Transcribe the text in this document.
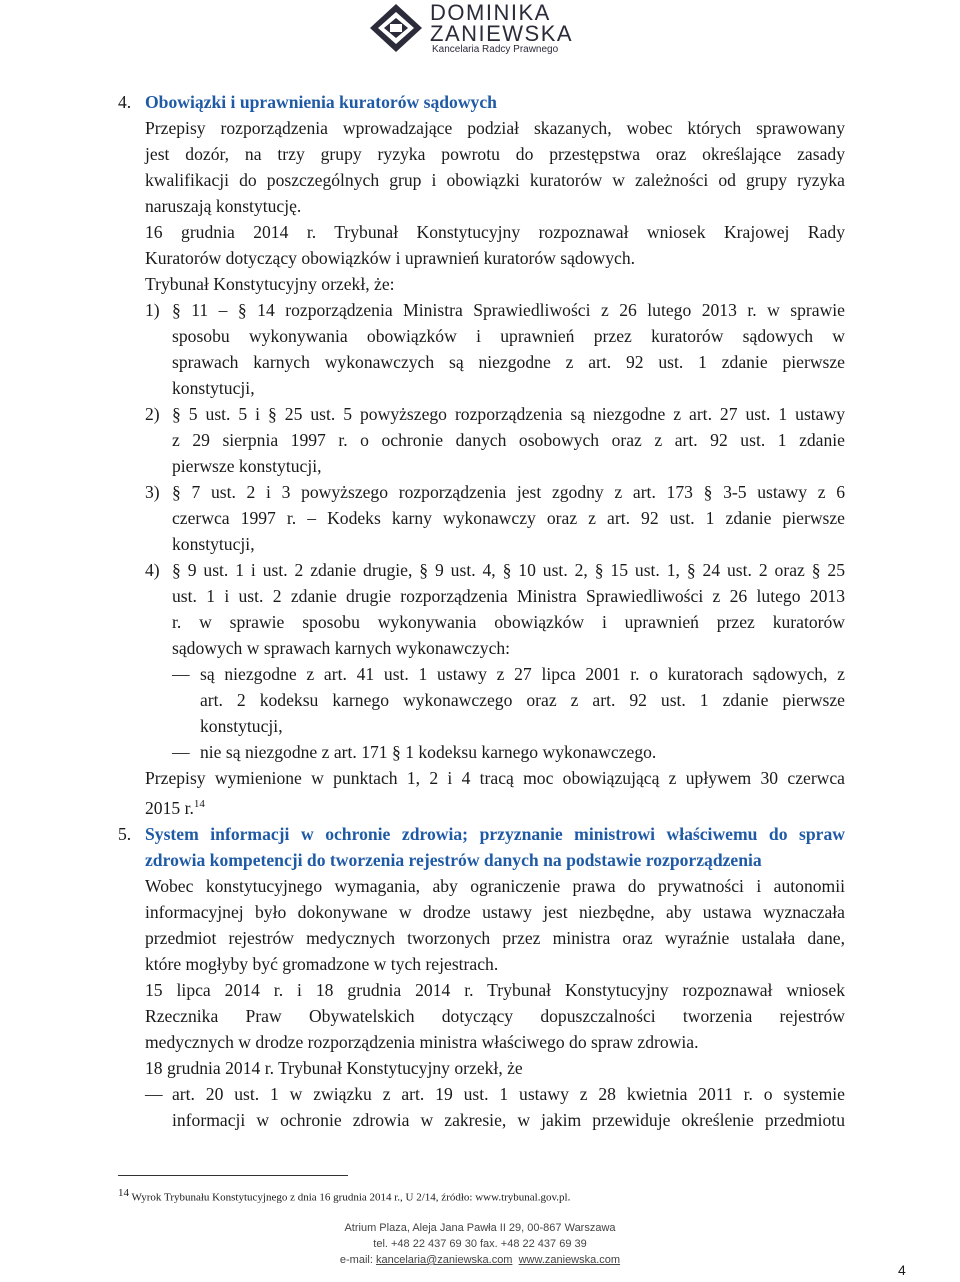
DOMINIKA
ZANIEWSKA
Kancelaria Radcy Prawnego
4. Obowiązki i uprawnienia kuratorów sądowych
Przepisy rozporządzenia wprowadzające podział skazanych, wobec których sprawowany
jest dozór, na trzy grupy ryzyka powrotu do przestępstwa oraz określające zasady
kwalifikacji do poszczególnych grup i obowiązki kuratorów w zależności od grupy ryzyka
naruszają konstytucję.
16 grudnia 2014 r. Trybunał Konstytucyjny rozpoznawał wniosek Krajowej Rady
Kuratorów dotyczący obowiązków i uprawnień kuratorów sądowych.
Trybunał Konstytucyjny orzekł, że:
1) § 11 – § 14 rozporządzenia Ministra Sprawiedliwości z 26 lutego 2013 r. w sprawie
sposobu wykonywania obowiązków i uprawnień przez kuratorów sądowych w
sprawach karnych wykonawczych są niezgodne z art. 92 ust. 1 zdanie pierwsze
konstytucji,
2) § 5 ust. 5 i § 25 ust. 5 powyższego rozporządzenia są niezgodne z art. 27 ust. 1 ustawy
z 29 sierpnia 1997 r. o ochronie danych osobowych oraz z art. 92 ust. 1 zdanie
pierwsze konstytucji,
3) § 7 ust. 2 i 3 powyższego rozporządzenia jest zgodny z art. 173 § 3-5 ustawy z 6
czerwca 1997 r. – Kodeks karny wykonawczy oraz z art. 92 ust. 1 zdanie pierwsze
konstytucji,
4) § 9 ust. 1 i ust. 2 zdanie drugie, § 9 ust. 4, § 10 ust. 2, § 15 ust. 1, § 24 ust. 2 oraz § 25
ust. 1 i ust. 2 zdanie drugie rozporządzenia Ministra Sprawiedliwości z 26 lutego 2013
r. w sprawie sposobu wykonywania obowiązków i uprawnień przez kuratorów
sądowych w sprawach karnych wykonawczych:
— są niezgodne z art. 41 ust. 1 ustawy z 27 lipca 2001 r. o kuratorach sądowych, z
art. 2 kodeksu karnego wykonawczego oraz z art. 92 ust. 1 zdanie pierwsze
konstytucji,
— nie są niezgodne z art. 171 § 1 kodeksu karnego wykonawczego.
Przepisy wymienione w punktach 1, 2 i 4 tracą moc obowiązującą z upływem 30 czerwca
2015 r.$^{14}$
5. System informacji w ochronie zdrowia; przyznanie ministrowi właściwemu do spraw
zdrowia kompetencji do tworzenia rejestrów danych na podstawie rozporządzenia
Wobec konstytucyjnego wymagania, aby ograniczenie prawa do prywatności i autonomii
informacyjnej było dokonywane w drodze ustawy jest niezbędne, aby ustawa wyznaczała
przedmiot rejestrów medycznych tworzonych przez ministra oraz wyraźnie ustalała dane,
które mogłyby być gromadzone w tych rejestrach.
15 lipca 2014 r. i 18 grudnia 2014 r. Trybunał Konstytucyjny rozpoznawał wniosek
Rzecznika Praw Obywatelskich dotyczący dopuszczalności tworzenia rejestrów
medycznych w drodze rozporządzenia ministra właściwego do spraw zdrowia.
18 grudnia 2014 r. Trybunał Konstytucyjny orzekł, że
— art. 20 ust. 1 w związku z art. 19 ust. 1 ustawy z 28 kwietnia 2011 r. o systemie
informacji w ochronie zdrowia w zakresie, w jakim przewiduje określenie przedmiotu
$^{14}$ Wyrok Trybunału Konstytucyjnego z dnia 16 grudnia 2014 r., U 2/14, źródło: www.trybunal.gov.pl.
Atrium Plaza, Aleja Jana Pawła II 29, 00-867 Warszawa
tel. +48 22 437 69 30 fax. +48 22 437 69 39
e-mail: kancelaria@zaniewska.com www.zaniewska.com
4
